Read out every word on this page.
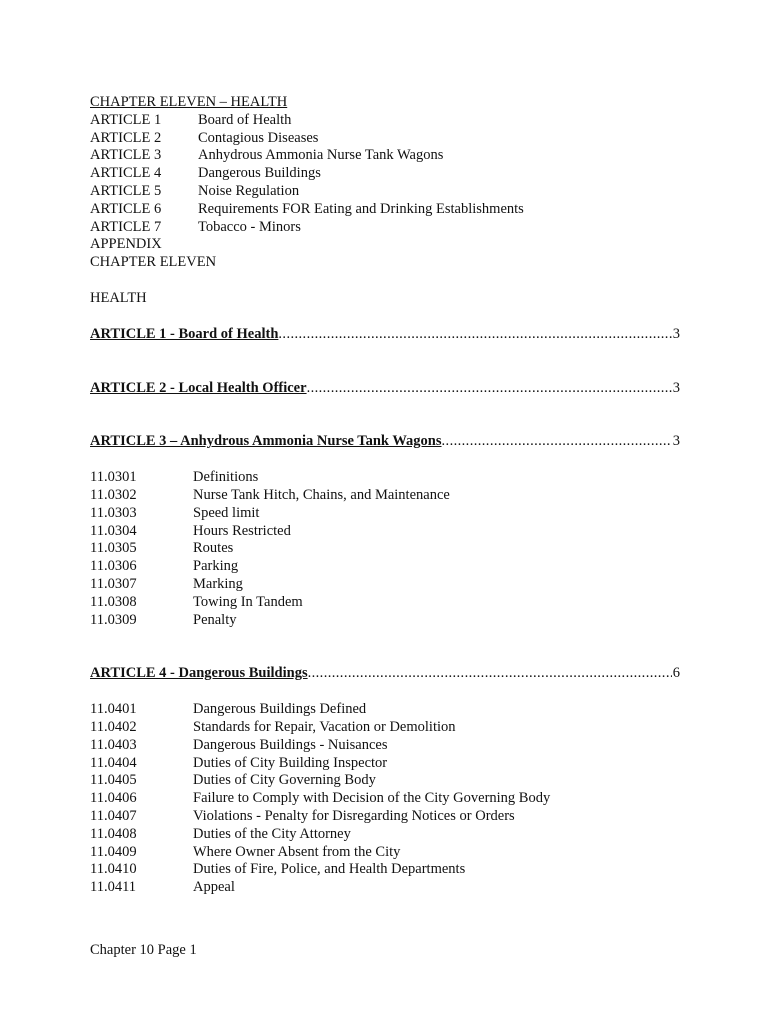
CHAPTER ELEVEN – HEALTH
ARTICLE 1	Board of Health
ARTICLE 2	Contagious Diseases
ARTICLE 3	Anhydrous Ammonia Nurse Tank Wagons
ARTICLE 4	Dangerous Buildings
ARTICLE 5	Noise Regulation
ARTICLE 6	Requirements FOR Eating and Drinking Establishments
ARTICLE 7	Tobacco - Minors
APPENDIX
CHAPTER ELEVEN
HEALTH
ARTICLE 1 - Board of Health .....	3
ARTICLE 2 - Local Health Officer .....	3
ARTICLE 3 – Anhydrous Ammonia Nurse Tank Wagons .....	3
11.0301	Definitions
11.0302	Nurse Tank Hitch, Chains, and Maintenance
11.0303	Speed limit
11.0304	Hours Restricted
11.0305	Routes
11.0306	Parking
11.0307	Marking
11.0308	Towing In Tandem
11.0309	Penalty
ARTICLE 4 - Dangerous Buildings .....	6
11.0401	Dangerous Buildings Defined
11.0402	Standards for Repair, Vacation or Demolition
11.0403	Dangerous Buildings - Nuisances
11.0404	Duties of City Building Inspector
11.0405	Duties of City Governing Body
11.0406	Failure to Comply with Decision of the City Governing Body
11.0407	Violations - Penalty for Disregarding Notices or Orders
11.0408	Duties of the City Attorney
11.0409	Where Owner Absent from the City
11.0410	Duties of Fire, Police, and Health Departments
11.0411	Appeal
Chapter 10 Page 1
